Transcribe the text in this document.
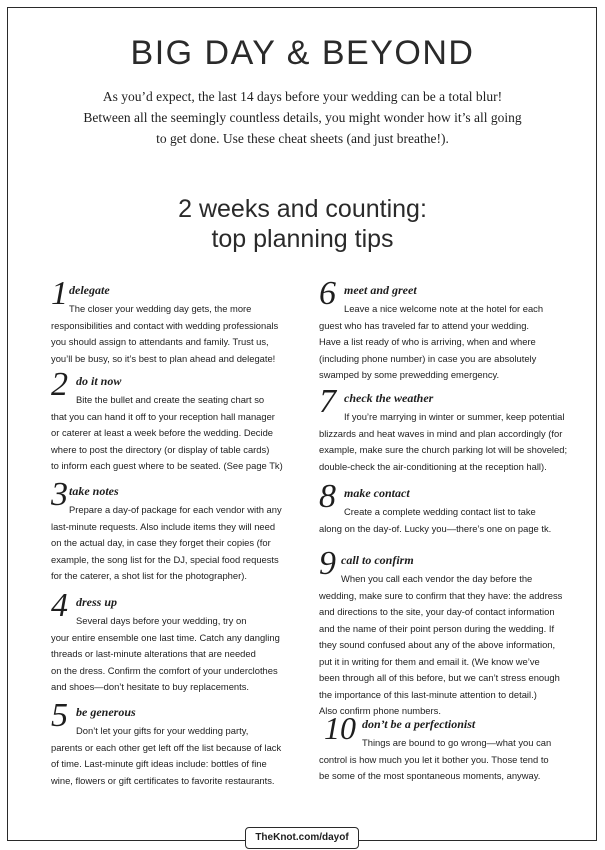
BIG DAY & BEYOND
As you’d expect, the last 14 days before your wedding can be a total blur!
Between all the seemingly countless details, you might wonder how it’s all going
to get done. Use these cheat sheets (and just breathe!).
2 weeks and counting:
top planning tips
1 delegate
The closer your wedding day gets, the more
responsibilities and contact with wedding professionals
you should assign to attendants and family. Trust us,
you’ll be busy, so it’s best to plan ahead and delegate!
2 do it now
Bite the bullet and create the seating chart so
that you can hand it off to your reception hall manager
or caterer at least a week before the wedding. Decide
where to post the directory (or display of table cards)
to inform each guest where to be seated. (See page Tk)
3 take notes
Prepare a day-of package for each vendor with any
last-minute requests. Also include items they will need
on the actual day, in case they forget their copies (for
example, the song list for the DJ, special food requests
for the caterer, a shot list for the photographer).
4 dress up
Several days before your wedding, try on
your entire ensemble one last time. Catch any dangling
threads or last-minute alterations that are needed
on the dress. Confirm the comfort of your underclothes
and shoes—don’t hesitate to buy replacements.
5 be generous
Don’t let your gifts for your wedding party,
parents or each other get left off the list because of lack
of time. Last-minute gift ideas include: bottles of fine
wine, flowers or gift certificates to favorite restaurants.
6 meet and greet
Leave a nice welcome note at the hotel for each
guest who has traveled far to attend your wedding.
Have a list ready of who is arriving, when and where
(including phone number) in case you are absolutely
swamped by some prewedding emergency.
7 check the weather
If you’re marrying in winter or summer, keep potential
blizzards and heat waves in mind and plan accordingly (for
example, make sure the church parking lot will be shoveled;
double-check the air-conditioning at the reception hall).
8 make contact
Create a complete wedding contact list to take
along on the day-of. Lucky you—there’s one on page tk.
9 call to confirm
When you call each vendor the day before the
wedding, make sure to confirm that they have: the address
and directions to the site, your day-of contact information
and the name of their point person during the wedding. If
they sound confused about any of the above information,
put it in writing for them and email it. (We know we’ve
been through all of this before, but we can’t stress enough
the importance of this last-minute attention to detail.)
Also confirm phone numbers.
10 don’t be a perfectionist
Things are bound to go wrong—what you can
control is how much you let it bother you. Those tend to
be some of the most spontaneous moments, anyway.
TheKnot.com/dayof
